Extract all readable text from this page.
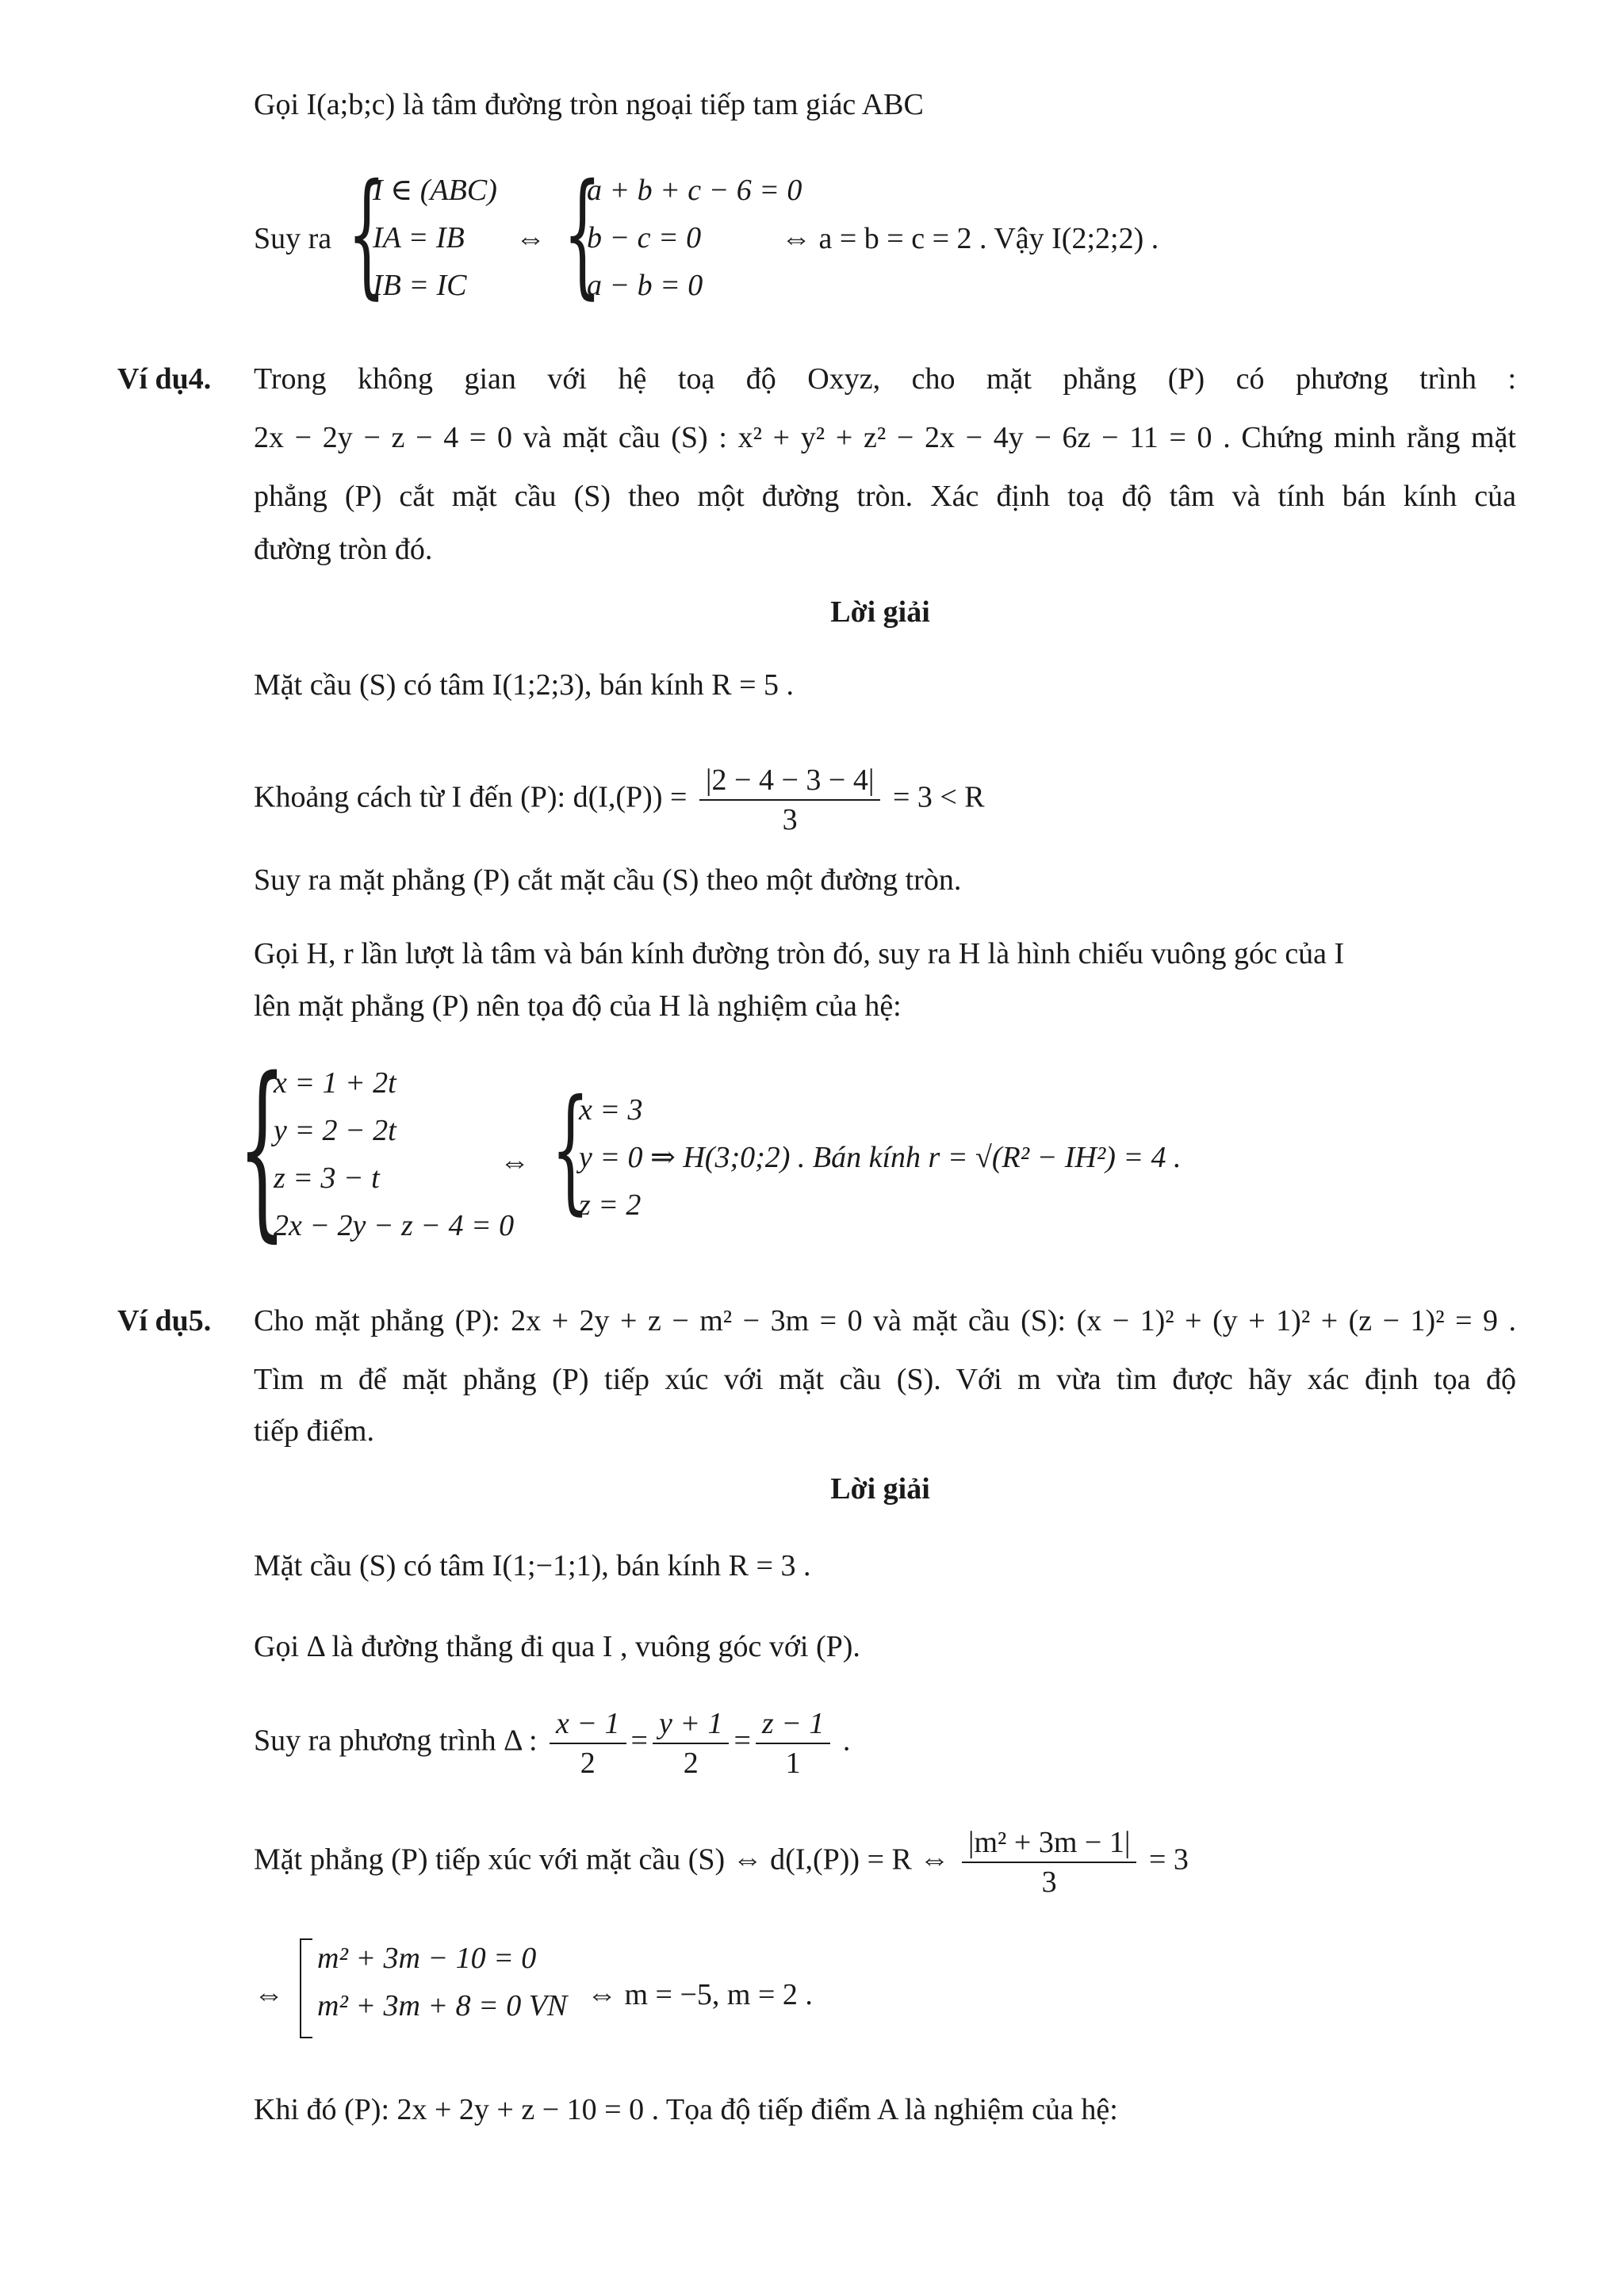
Gọi I(a;b;c) là tâm đường tròn ngoại tiếp tam giác ABC
Suy ra {
I ∈ (ABC)
IA = IB
IB = IC
⇔ {
a + b + c − 6 = 0
b − c = 0
a − b = 0
⇔ a = b = c = 2 . Vậy I(2;2;2) .
Ví dụ4. Trong không gian với hệ toạ độ Oxyz, cho mặt phẳng (P) có phương trình :
2x − 2y − z − 4 = 0 và mặt cầu (S) : x² + y² + z² − 2x − 4y − 6z − 11 = 0 . Chứng minh rằng mặt
phẳng (P) cắt mặt cầu (S) theo một đường tròn. Xác định toạ độ tâm và tính bán kính của
đường tròn đó.
Lời giải
Mặt cầu (S) có tâm I(1;2;3), bán kính R = 5 .
Khoảng cách từ I đến (P): $d(I,(P)) = \frac{|2 - 4 - 3 - 4|}{3} = 3 < R$
Suy ra mặt phẳng (P) cắt mặt cầu (S) theo một đường tròn.
Gọi H, r lần lượt là tâm và bán kính đường tròn đó, suy ra H là hình chiếu vuông góc của I
lên mặt phẳng (P) nên tọa độ của H là nghiệm của hệ:
{
x = 1 + 2t
y = 2 − 2t
z = 3 − t
2x − 2y − z − 4 = 0
⇔ {
x = 3
y = 0 ⇒ H(3;0;2) . Bán kính r = √(R² − IH²) = 4 .
z = 2
Ví dụ5. Cho mặt phẳng (P): 2x + 2y + z − m² − 3m = 0 và mặt cầu (S): (x − 1)² + (y + 1)² + (z − 1)² = 9 .
Tìm m để mặt phẳng (P) tiếp xúc với mặt cầu (S). Với m vừa tìm được hãy xác định tọa độ
tiếp điểm.
Lời giải
Mặt cầu (S) có tâm I(1;−1;1), bán kính R = 3 .
Gọi Δ là đường thẳng đi qua I , vuông góc với (P).
Suy ra phương trình Δ : $\frac{x - 1}{2} = \frac{y + 1}{2} = \frac{z - 1}{1}$ .
Mặt phẳng (P) tiếp xúc với mặt cầu (S) ⇔ d(I,(P)) = R ⇔ $\frac{\text{|m² + 3m − 1|}}{3} = 3$
⇔
m² + 3m − 10 = 0
m² + 3m + 8 = 0 VN ⇔ m = −5, m = 2 .
Khi đó (P): 2x + 2y + z − 10 = 0 . Tọa độ tiếp điểm A là nghiệm của hệ:
